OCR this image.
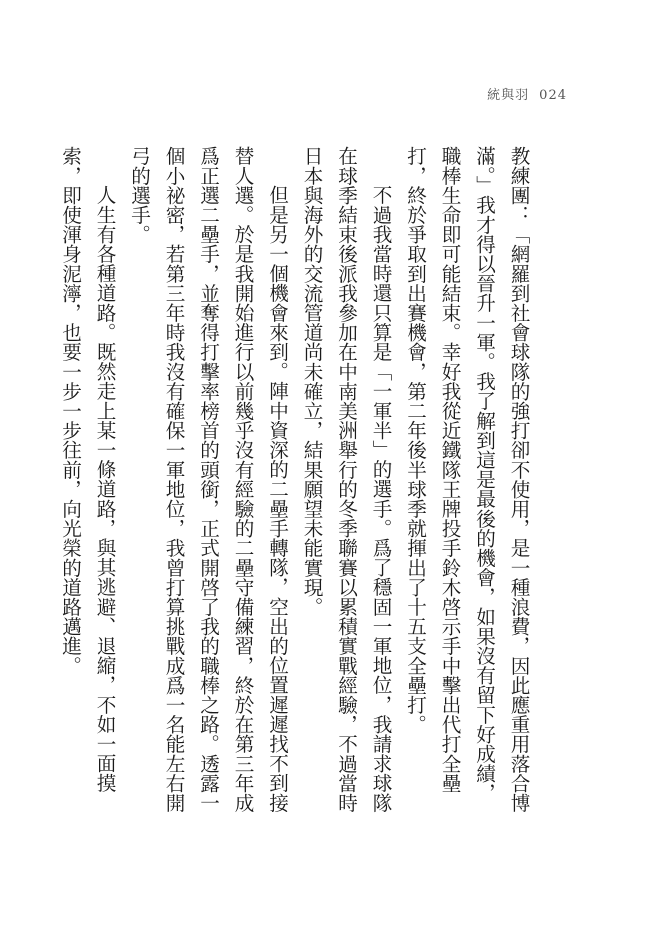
統與羽 024

教練團：「網羅到社會球隊的強打卻不使用，是一種浪費，因此應重用落合博滿。」我才得以晉升一軍。我了解到這是最後的機會，如果沒有留下好成績，職棒生命即可能結束。幸好我從近鐵隊王牌投手鈴木啓示手中擊出代打全壘打，終於爭取到出賽機會，第二年後半球季就揮出了十五支全壘打。

不過我當時還只算是「一軍半」的選手。爲了穩固一軍地位，我請求球隊在球季結束後派我參加在中南美洲舉行的冬季聯賽以累積實戰經驗，不過當時日本與海外的交流管道尚未確立，結果願望未能實現。

但是另一個機會來到。陣中資深的二壘手轉隊，空出的位置遲遲找不到接替人選。於是我開始進行以前幾乎沒有經驗的二壘守備練習，終於在第三年成爲正選二壘手，並奪得打擊率榜首的頭銜，正式開啓了我的職棒之路。透露一個小祕密，若第三年時我沒有確保一軍地位，我曾打算挑戰成爲一名能左右開弓的選手。

人生有各種道路。既然走上某一條道路，與其逃避、退縮，不如一面摸索，即使渾身泥濘，也要一步一步往前，向光榮的道路邁進。
